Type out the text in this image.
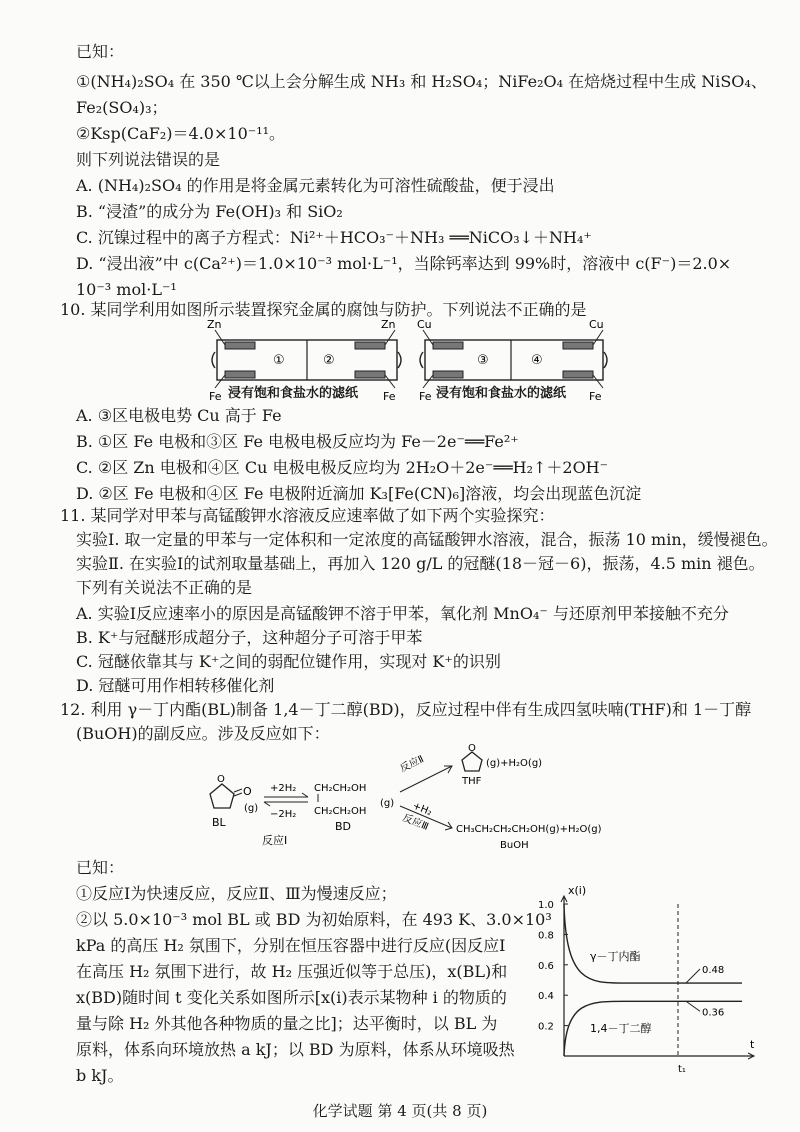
已知：
①(NH₄)₂SO₄ 在 350 ℃以上会分解生成 NH₃ 和 H₂SO₄；NiFe₂O₄ 在焙烧过程中生成 NiSO₄、
Fe₂(SO₄)₃；
②Ksp(CaF₂)＝4.0×10⁻¹¹。
则下列说法错误的是
A. (NH₄)₂SO₄ 的作用是将金属元素转化为可溶性硫酸盐，便于浸出
B. “浸渣”的成分为 Fe(OH)₃ 和 SiO₂
C. 沉镍过程中的离子方程式：Ni²⁺＋HCO₃⁻＋NH₃ ══NiCO₃↓＋NH₄⁺
D. “浸出液”中 c(Ca²⁺)＝1.0×10⁻³ mol·L⁻¹，当除钙率达到 99%时，溶液中 c(F⁻)＝2.0×
10⁻³ mol·L⁻¹
10. 某同学利用如图所示装置探究金属的腐蚀与防护。下列说法不正确的是
Zn	Zn
Fe	Fe
①	②
Cu	Cu
Fe	Fe
③	④
浸有饱和食盐水的滤纸	浸有饱和食盐水的滤纸
A. ③区电极电势 Cu 高于 Fe
B. ①区 Fe 电极和③区 Fe 电极电极反应均为 Fe－2e⁻══Fe²⁺
C. ②区 Zn 电极和④区 Cu 电极电极反应均为 2H₂O＋2e⁻══H₂↑＋2OH⁻
D. ②区 Fe 电极和④区 Fe 电极附近滴加 K₃[Fe(CN)₆]溶液，均会出现蓝色沉淀
11. 某同学对甲苯与高锰酸钾水溶液反应速率做了如下两个实验探究：
实验Ⅰ. 取一定量的甲苯与一定体积和一定浓度的高锰酸钾水溶液，混合，振荡 10 min，缓慢褪色。
实验Ⅱ. 在实验Ⅰ的试剂取量基础上，再加入 120 g/L 的冠醚(18－冠－6)，振荡，4.5 min 褪色。
下列有关说法不正确的是
A. 实验Ⅰ反应速率小的原因是高锰酸钾不溶于甲苯，氧化剂 MnO₄⁻ 与还原剂甲苯接触不充分
B. K⁺与冠醚形成超分子，这种超分子可溶于甲苯
C. 冠醚依靠其与 K⁺之间的弱配位键作用，实现对 K⁺的识别
D. 冠醚可用作相转移催化剂
12. 利用 γ－丁内酯(BL)制备 1,4－丁二醇(BD)，反应过程中伴有生成四氢呋喃(THF)和 1－丁醇
(BuOH)的副反应。涉及反应如下：
O
O
(g)
BL
+2H₂
−2H₂
CH₂CH₂OH
CH₂CH₂OH
(g)
BD
反应Ⅰ
反应Ⅱ
O
(g)+H₂O(g)
THF
+H₂
反应Ⅲ	CH₃CH₂CH₂CH₂OH(g)+H₂O(g)
BuOH
已知：
①反应Ⅰ为快速反应，反应Ⅱ、Ⅲ为慢速反应；
②以 5.0×10⁻³ mol BL 或 BD 为初始原料，在 493 K、3.0×10³
kPa 的高压 H₂ 氛围下，分别在恒压容器中进行反应(因反应Ⅰ
在高压 H₂ 氛围下进行，故 H₂ 压强近似等于总压)，x(BL)和
x(BD)随时间 t 变化关系如图所示[x(i)表示某物种 i 的物质的
量与除 H₂ 外其他各种物质的量之比]；达平衡时，以 BL 为
原料，体系向环境放热 a kJ；以 BD 为原料，体系从环境吸热
b kJ。
x(i)
t
t₁
γ－丁内酯
1,4－丁二醇
1.0
0.8
0.6
0.4
0.2
0.48
0.36
化学试题 第 4 页(共 8 页)
